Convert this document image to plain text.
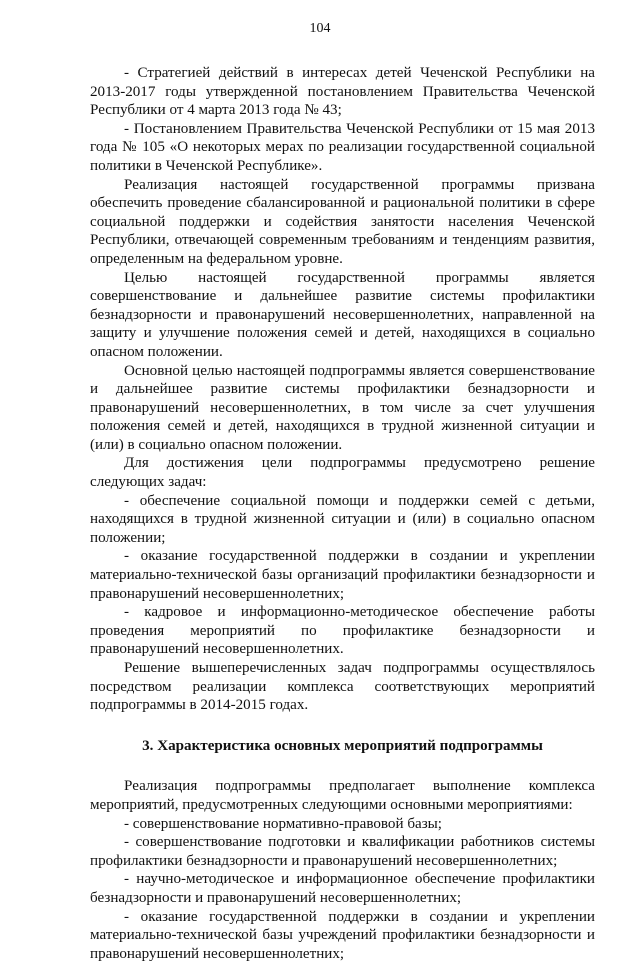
104

- Стратегией действий в интересах детей Чеченской Республики на 2013-2017 годы утвержденной постановлением Правительства Чеченской Республики от 4 марта 2013 года № 43;

- Постановлением Правительства Чеченской Республики от 15 мая 2013 года № 105 «О некоторых мерах по реализации государственной социальной политики в Чеченской Республике».

Реализация настоящей государственной программы призвана обеспечить проведение сбалансированной и рациональной политики в сфере социальной поддержки и содействия занятости населения Чеченской Республики, отвечающей современным требованиям и тенденциям развития, определенным на федеральном уровне.

Целью настоящей государственной программы является совершенствование и дальнейшее развитие системы профилактики безнадзорности и правонарушений несовершеннолетних, направленной на защиту и улучшение положения семей и детей, находящихся в социально опасном положении.

Основной целью настоящей подпрограммы является совершенствование и дальнейшее развитие системы профилактики безнадзорности и правонарушений несовершеннолетних, в том числе за счет улучшения положения семей и детей, находящихся в трудной жизненной ситуации и (или) в социально опасном положении.

Для достижения цели подпрограммы предусмотрено решение следующих задач:

- обеспечение социальной помощи и поддержки семей с детьми, находящихся в трудной жизненной ситуации и (или) в социально опасном положении;

- оказание государственной поддержки в создании и укреплении материально-технической базы организаций профилактики безнадзорности и правонарушений несовершеннолетних;

- кадровое и информационно-методическое обеспечение работы проведения мероприятий по профилактике безнадзорности и правонарушений несовершеннолетних.

Решение вышеперечисленных задач подпрограммы осуществлялось посредством реализации комплекса соответствующих мероприятий подпрограммы в 2014-2015 годах.

3. Характеристика основных мероприятий подпрограммы

Реализация подпрограммы предполагает выполнение комплекса мероприятий, предусмотренных следующими основными мероприятиями:

- совершенствование нормативно-правовой базы;

- совершенствование подготовки и квалификации работников системы профилактики безнадзорности и правонарушений несовершеннолетних;

- научно-методическое и информационное обеспечение профилактики безнадзорности и правонарушений несовершеннолетних;

- оказание государственной поддержки в создании и укреплении материально-технической базы учреждений профилактики безнадзорности и правонарушений несовершеннолетних;
